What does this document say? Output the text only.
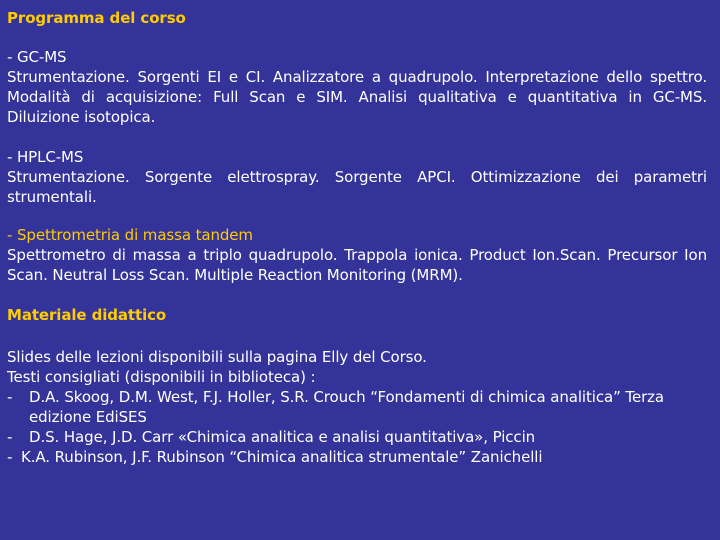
Programma del corso

- GC-MS

Strumentazione. Sorgenti EI e CI. Analizzatore a quadrupolo. Interpretazione dello spettro. Modalità di acquisizione: Full Scan e SIM. Analisi qualitativa e quantitativa in GC-MS. Diluizione isotopica.

- HPLC-MS

Strumentazione. Sorgente elettrospray. Sorgente APCI. Ottimizzazione dei parametri strumentali.

- Spettrometria di massa tandem

Spettrometro di massa a triplo quadrupolo. Trappola ionica. Product Ion.Scan. Precursor Ion Scan. Neutral Loss Scan. Multiple Reaction Monitoring (MRM).

Materiale didattico

Slides delle lezioni disponibili sulla pagina Elly del Corso.

Testi consigliati (disponibili in biblioteca) :

- D.A. Skoog, D.M. West, F.J. Holler, S.R. Crouch “Fondamenti di chimica analitica” Terza edizione EdiSES
- D.S. Hage, J.D. Carr «Chimica analitica e analisi quantitativa», Piccin
- K.A. Rubinson, J.F. Rubinson “Chimica analitica strumentale” Zanichelli
